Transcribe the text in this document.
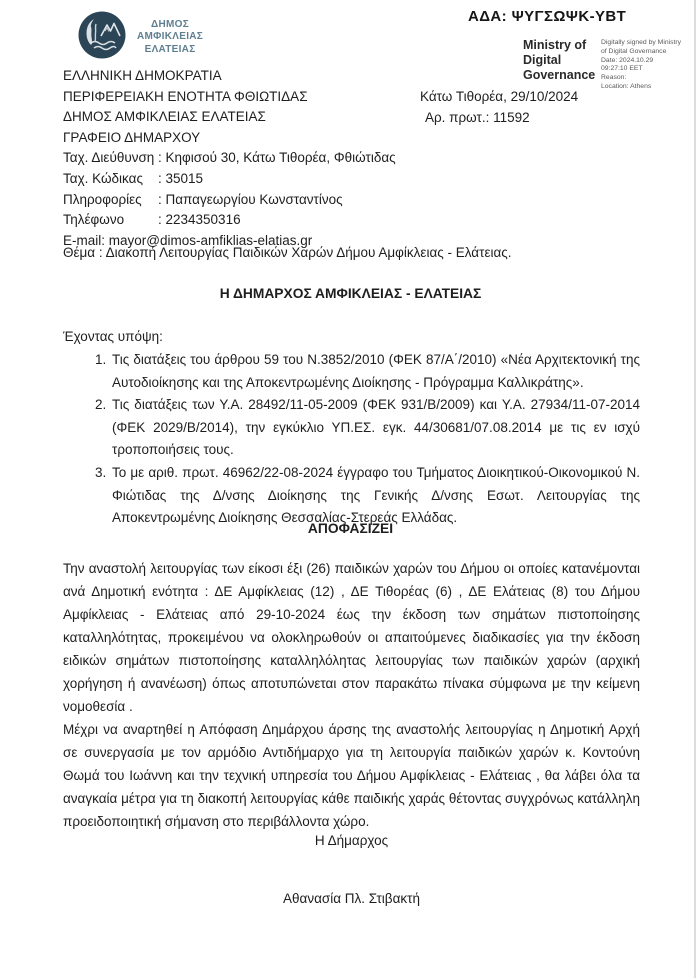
ΑΔΑ: ΨΥΓΣΩΨΚ-ΥΒΤ
ΔΗΜΟΣ
ΑΜΦΙΚΛΕΙΑΣ
ΕΛΑΤΕΙΑΣ	Ministry of Digital Governance
Digitally signed by Ministry
of Digital Governance
Date: 2024.10.29
09:27:10 EET
Reason:
Location: Athens
ΕΛΛΗΝΙΚΗ ΔΗΜΟΚΡΑΤΙΑ
ΠΕΡΙΦΕΡΕΙΑΚΗ ΕΝΟΤΗΤΑ ΦΘΙΩΤΙΔΑΣ
ΔΗΜΟΣ ΑΜΦΙΚΛΕΙΑΣ ΕΛΑΤΕΙΑΣ
ΓΡΑΦΕΙΟ ΔΗΜΑΡΧΟΥ
Ταχ. Διεύθυνση : Κηφισού 30, Κάτω Τιθορέα, Φθιώτιδας
Ταχ. Κώδικας	: 35015
Πληροφορίες	: Παπαγεωργίου Κωνσταντίνος
Τηλέφωνο	: 2234350316
E-mail: mayor@dimos-amfiklias-elatias.gr
Κάτω Τιθορέα, 29/10/2024
Αρ. πρωτ.: 11592
Θέμα : Διακοπή Λειτουργίας Παιδικών Χαρών Δήμου Αμφίκλειας - Ελάτειας.
Η ΔΗΜΑΡΧΟΣ ΑΜΦΙΚΛΕΙΑΣ - ΕΛΑΤΕΙΑΣ
Έχοντας υπόψη:
1. Τις διατάξεις του άρθρου 59 του Ν.3852/2010 (ΦΕΚ 87/Α΄/2010) «Νέα Αρχιτεκτονική της Αυτοδιοίκησης και της Αποκεντρωμένης Διοίκησης - Πρόγραμμα Καλλικράτης».
2. Τις διατάξεις των Υ.Α. 28492/11-05-2009 (ΦΕΚ 931/Β/2009) και Υ.Α. 27934/11-07-2014 (ΦΕΚ 2029/Β/2014), την εγκύκλιο ΥΠ.ΕΣ. εγκ. 44/30681/07.08.2014 με τις εν ισχύ τροποποιήσεις τους.
3. Το με αριθ. πρωτ. 46962/22-08-2024 έγγραφο του Τμήματος Διοικητικού-Οικονομικού Ν. Φιώτιδας της Δ/νσης Διοίκησης της Γενικής Δ/νσης Εσωτ. Λειτουργίας της Αποκεντρωμένης Διοίκησης Θεσσαλίας-Στερεάς Ελλάδας.
ΑΠΟΦΑΣΙΖΕΙ

Την αναστολή λειτουργίας των είκοσι έξι (26) παιδικών χαρών του Δήμου οι οποίες κατανέμονται ανά Δημοτική ενότητα : ΔΕ Αμφίκλειας (12) , ΔΕ Τιθορέας (6) , ΔΕ Ελάτειας (8) του Δήμου Αμφίκλειας - Ελάτειας από 29-10-2024 έως την έκδοση των σημάτων πιστοποίησης καταλληλότητας, προκειμένου να ολοκληρωθούν οι απαιτούμενες διαδικασίες για την έκδοση ειδικών σημάτων πιστοποίησης καταλληλόλητας λειτουργίας των παιδικών χαρών (αρχική χορήγηση ή ανανέωση) όπως αποτυπώνεται στον παρακάτω πίνακα σύμφωνα με την κείμενη νομοθεσία .

Μέχρι να αναρτηθεί η Απόφαση Δημάρχου άρσης της αναστολής λειτουργίας η Δημοτική Αρχή σε συνεργασία με τον αρμόδιο Αντιδήμαρχο για τη λειτουργία παιδικών χαρών κ. Κοντούνη Θωμά του Ιωάννη και την τεχνική υπηρεσία του Δήμου Αμφίκλειας - Ελάτειας , θα λάβει όλα τα αναγκαία μέτρα για τη διακοπή λειτουργίας κάθε παιδικής χαράς θέτοντας συγχρόνως κατάλληλη προειδοποιητική σήμανση στο περιβάλλοντα χώρο.

Η Δήμαρχος
Αθανασία Πλ. Στιβακτή
